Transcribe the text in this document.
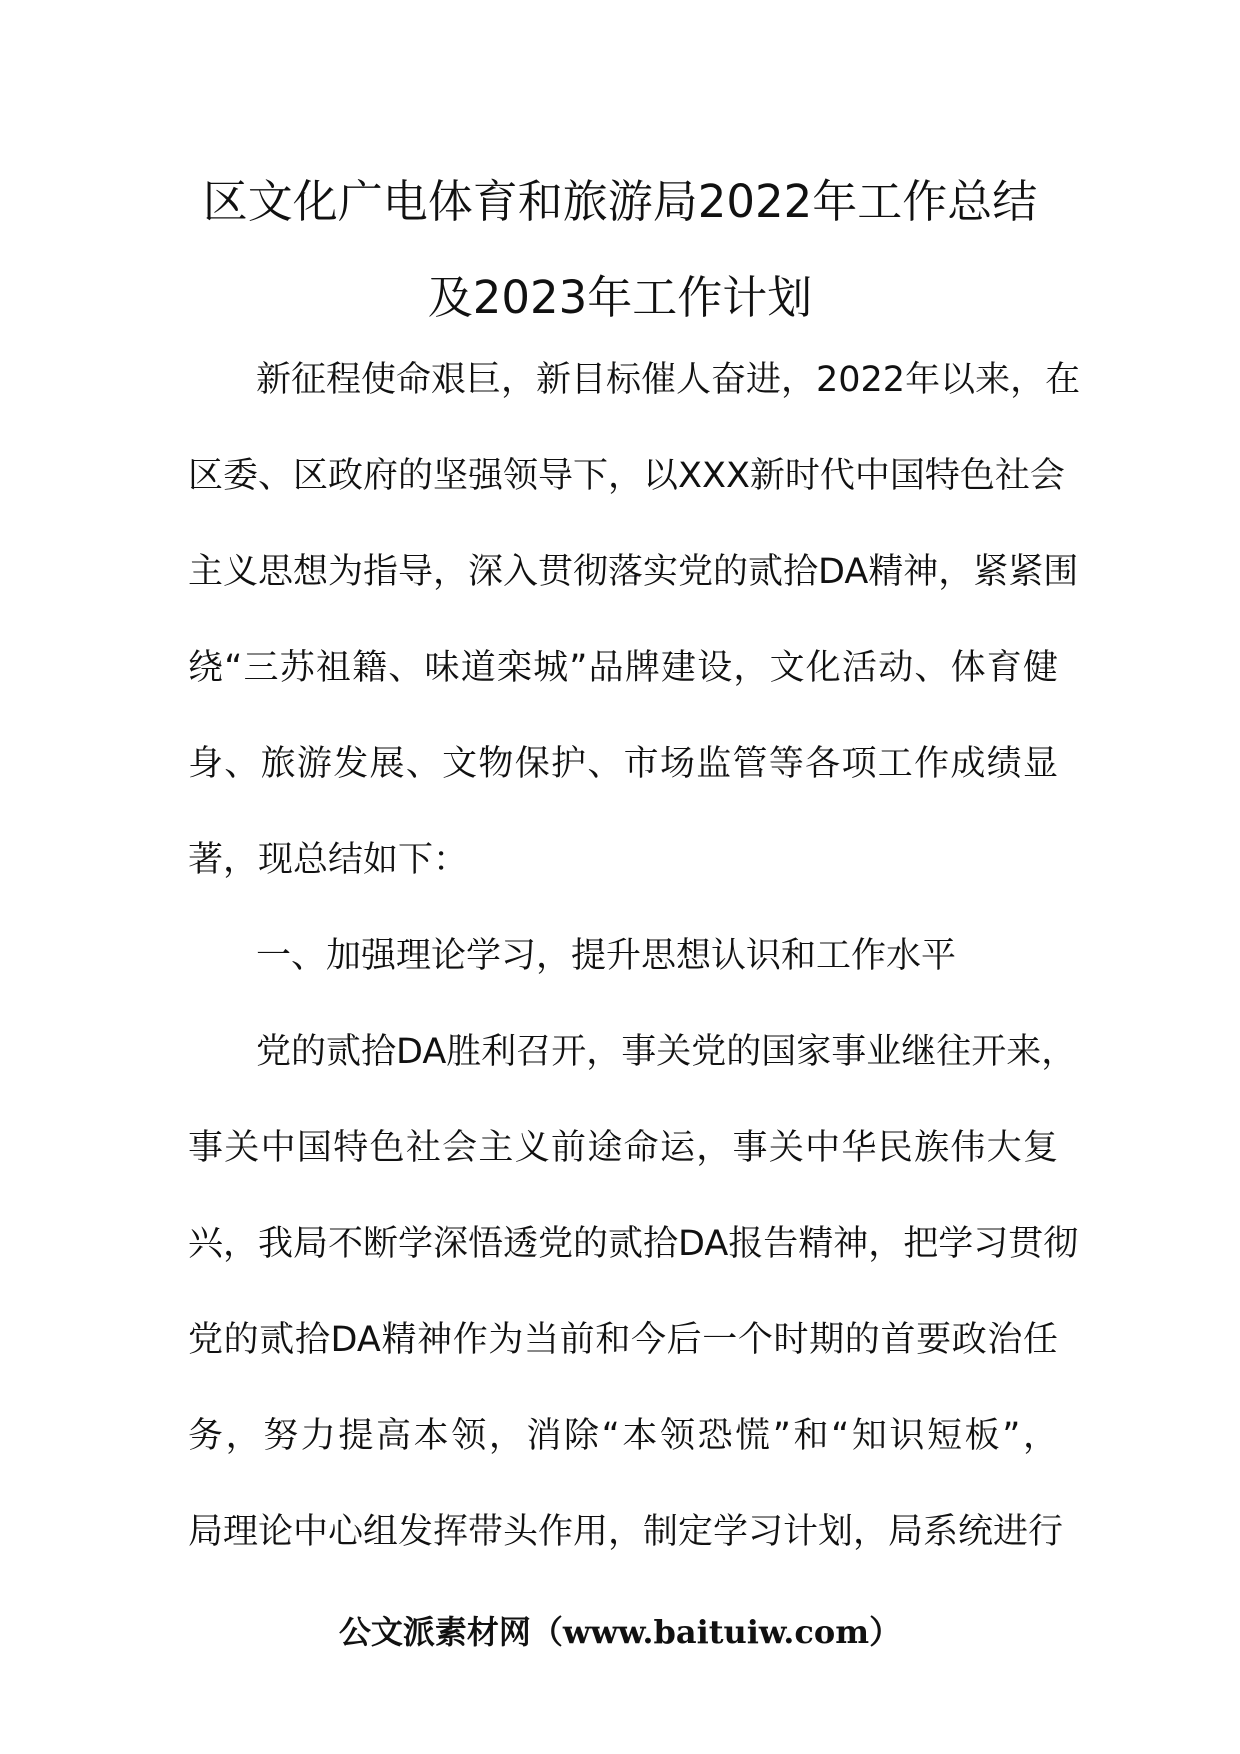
区文化广电体育和旅游局2022年工作总结
及2023年工作计划
新征程使命艰巨，新目标催人奋进，2022年以来，在
区委、区政府的坚强领导下，以XXX新时代中国特色社会
主义思想为指导，深入贯彻落实党的贰拾DA精神，紧紧围
绕“三苏祖籍、味道栾城”品牌建设，文化活动、体育健
身、旅游发展、文物保护、市场监管等各项工作成绩显
著，现总结如下：
一、加强理论学习，提升思想认识和工作水平
党的贰拾DA胜利召开，事关党的国家事业继往开来，
事关中国特色社会主义前途命运，事关中华民族伟大复
兴，我局不断学深悟透党的贰拾DA报告精神，把学习贯彻
党的贰拾DA精神作为当前和今后一个时期的首要政治任
务，努力提高本领，消除“本领恐慌”和“知识短板”，
局理论中心组发挥带头作用，制定学习计划，局系统进行
公文派素材网（www.baituiw.com）
